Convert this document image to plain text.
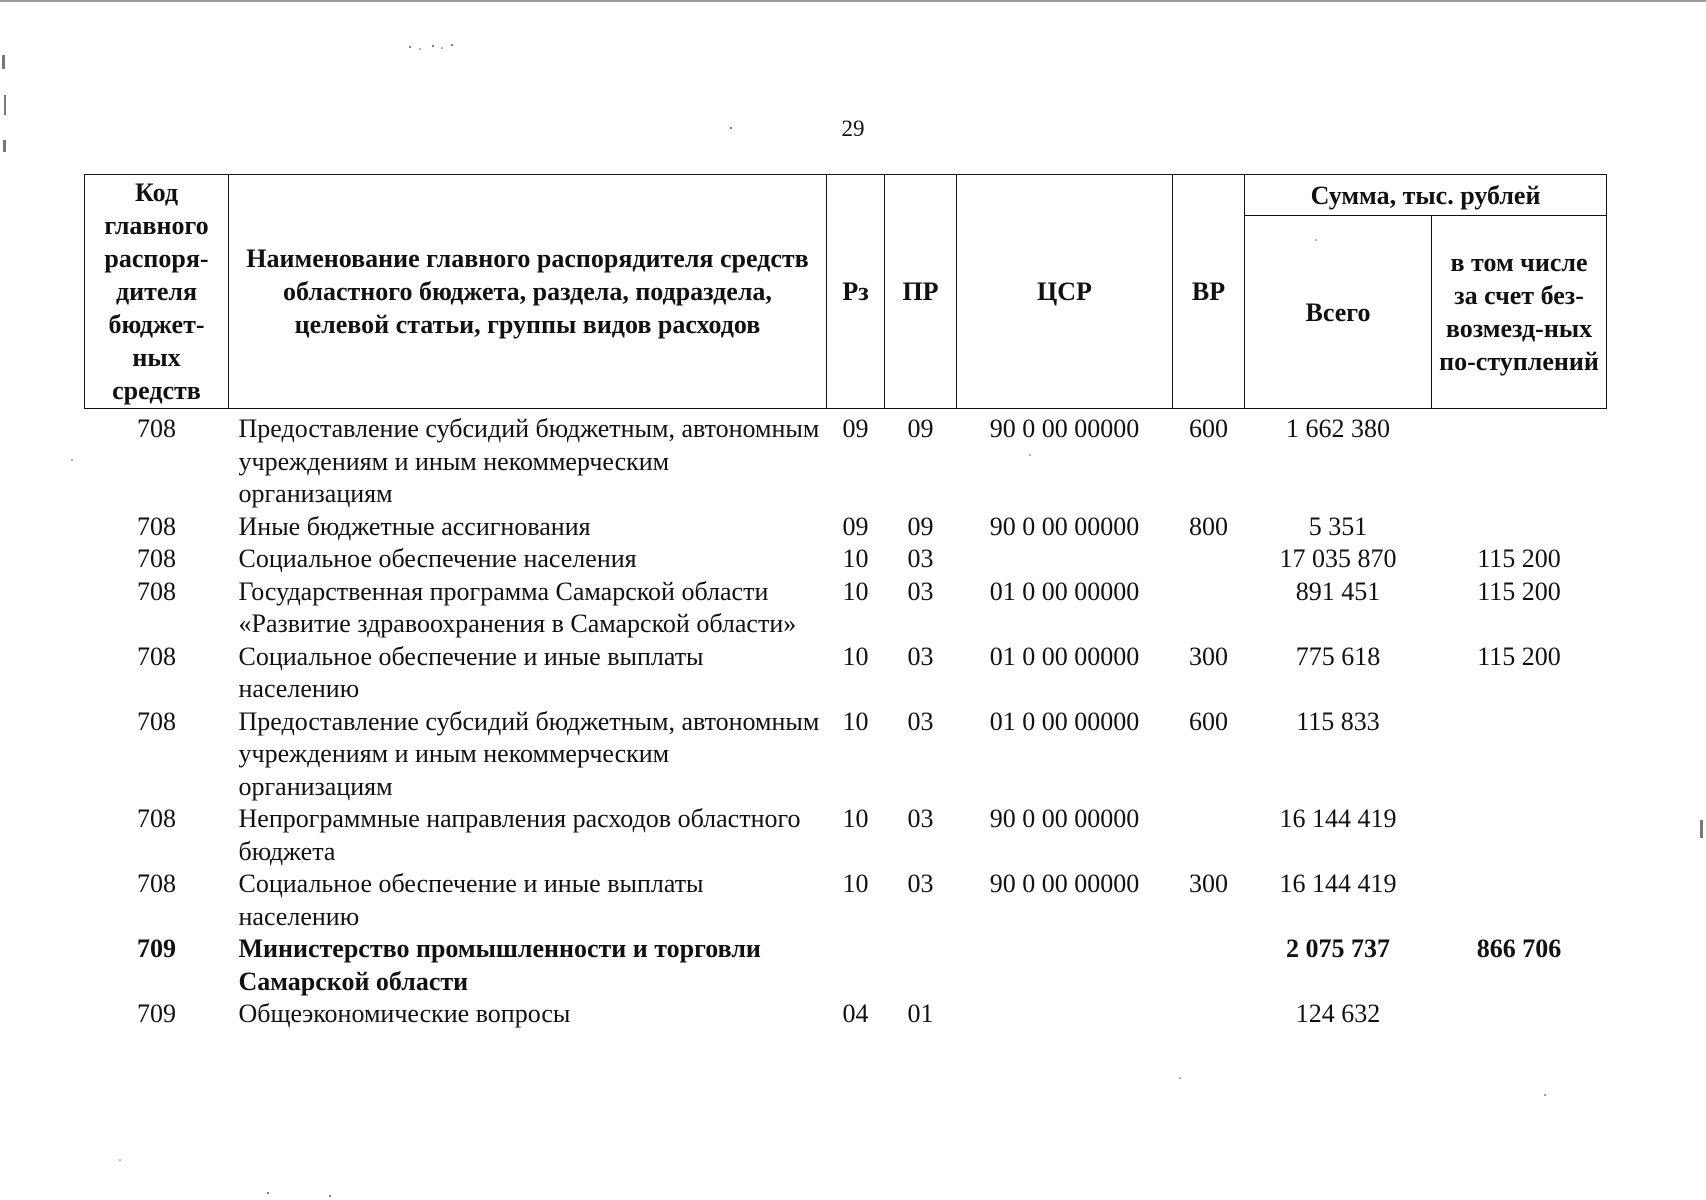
29
Код главного распоря-дителя бюджет-ных средств	Наименование главного распорядителя средств областного бюджета, раздела, подраздела, целевой статьи, группы видов расходов	Рз	ПР	ЦСР	ВР	Сумма, тыс. рублей	
						Всего	в том числе за счет без-возмезд-ных по-ступлений
708	Предоставление субсидий бюджетным, автономным учреждениям и иным некоммерческим организациям	09	09	90 0 00 00000	600	1 662 380	
708	Иные бюджетные ассигнования	09	09	90 0 00 00000	800	5 351	
708	Социальное обеспечение населения	10	03			17 035 870	115 200
708	Государственная программа Самарской области «Развитие здравоохранения в Самарской области»	10	03	01 0 00 00000		891 451	115 200
708	Социальное обеспечение и иные выплаты населению	10	03	01 0 00 00000	300	775 618	115 200
708	Предоставление субсидий бюджетным, автономным учреждениям и иным некоммерческим организациям	10	03	01 0 00 00000	600	115 833	
708	Непрограммные направления расходов областного бюджета	10	03	90 0 00 00000		16 144 419	
708	Социальное обеспечение и иные выплаты населению	10	03	90 0 00 00000	300	16 144 419	
709	Министерство промышленности и торговли Самарской области					2 075 737	866 706
709	Общеэкономические вопросы	04	01			124 632	
